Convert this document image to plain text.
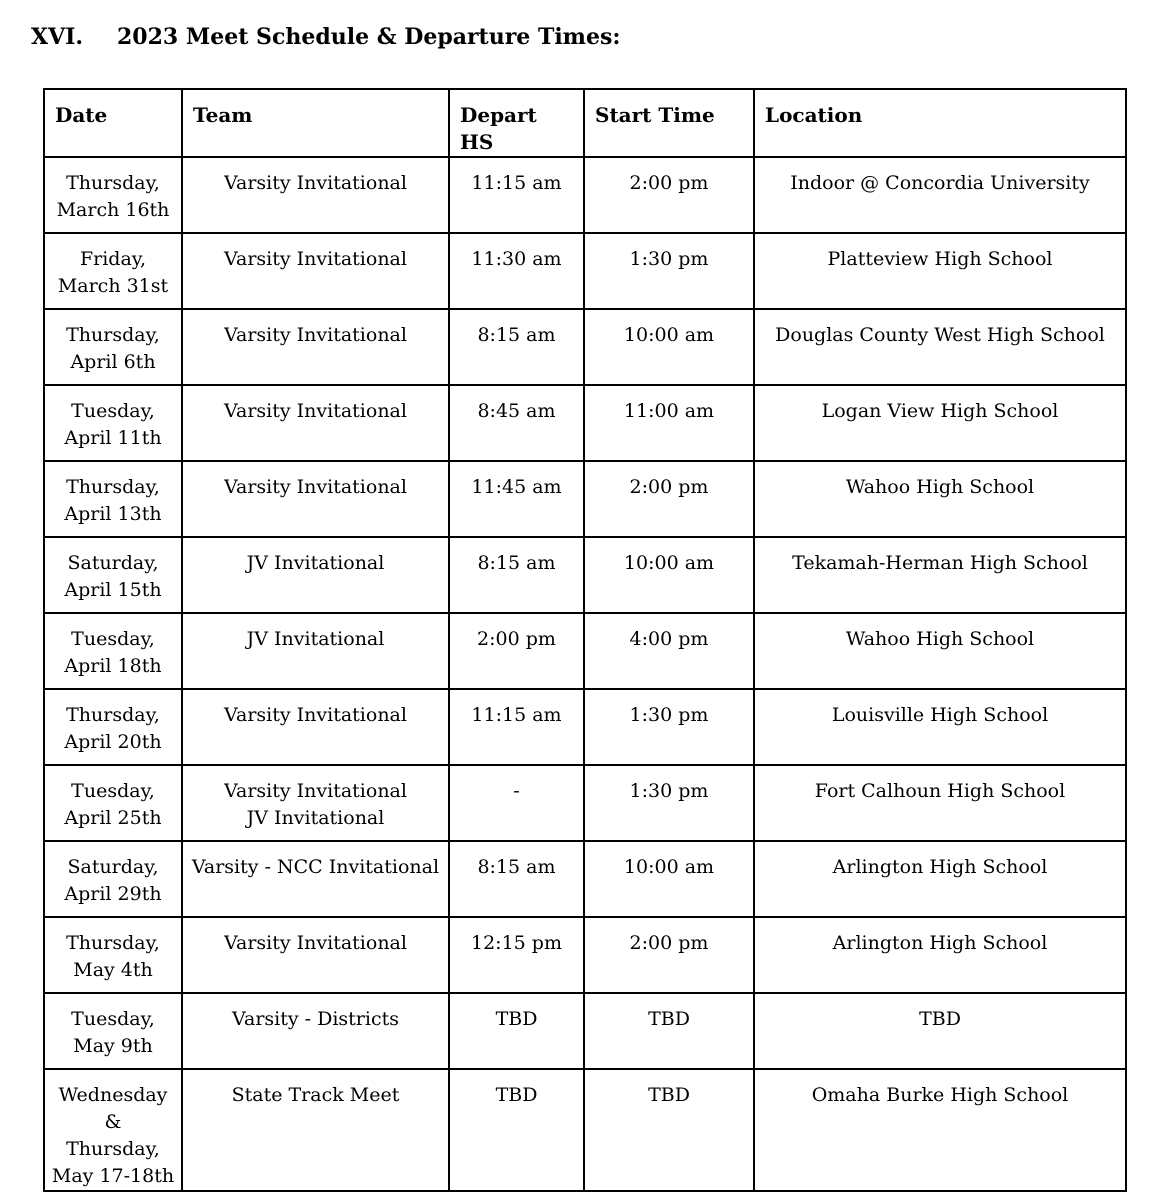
XVI.	2023 Meet Schedule & Departure Times:
Date	Team	Depart HS	Start Time	Location

Thursday,
March 16th	Varsity Invitational	11:15 am	2:00 pm	Indoor @ Concordia University

Friday,
March 31st	Varsity Invitational	11:30 am	1:30 pm	Platteview High School

Thursday,
April 6th	Varsity Invitational	8:15 am	10:00 am	Douglas County West High School

Tuesday,
April 11th	Varsity Invitational	8:45 am	11:00 am	Logan View High School

Thursday,
April 13th	Varsity Invitational	11:45 am	2:00 pm	Wahoo High School

Saturday,
April 15th	JV Invitational	8:15 am	10:00 am	Tekamah-Herman High School

Tuesday,
April 18th	JV Invitational	2:00 pm	4:00 pm	Wahoo High School

Thursday,
April 20th	Varsity Invitational	11:15 am	1:30 pm	Louisville High School

Tuesday,
April 25th	Varsity Invitational
JV Invitational	-	1:30 pm	Fort Calhoun High School

Saturday,
April 29th	Varsity - NCC Invitational	8:15 am	10:00 am	Arlington High School

Thursday,
May 4th	Varsity Invitational	12:15 pm	2:00 pm	Arlington High School

Tuesday,
May 9th	Varsity - Districts	TBD	TBD	TBD

Wednesday &
Thursday,
May 17-18th	State Track Meet	TBD	TBD	Omaha Burke High School
